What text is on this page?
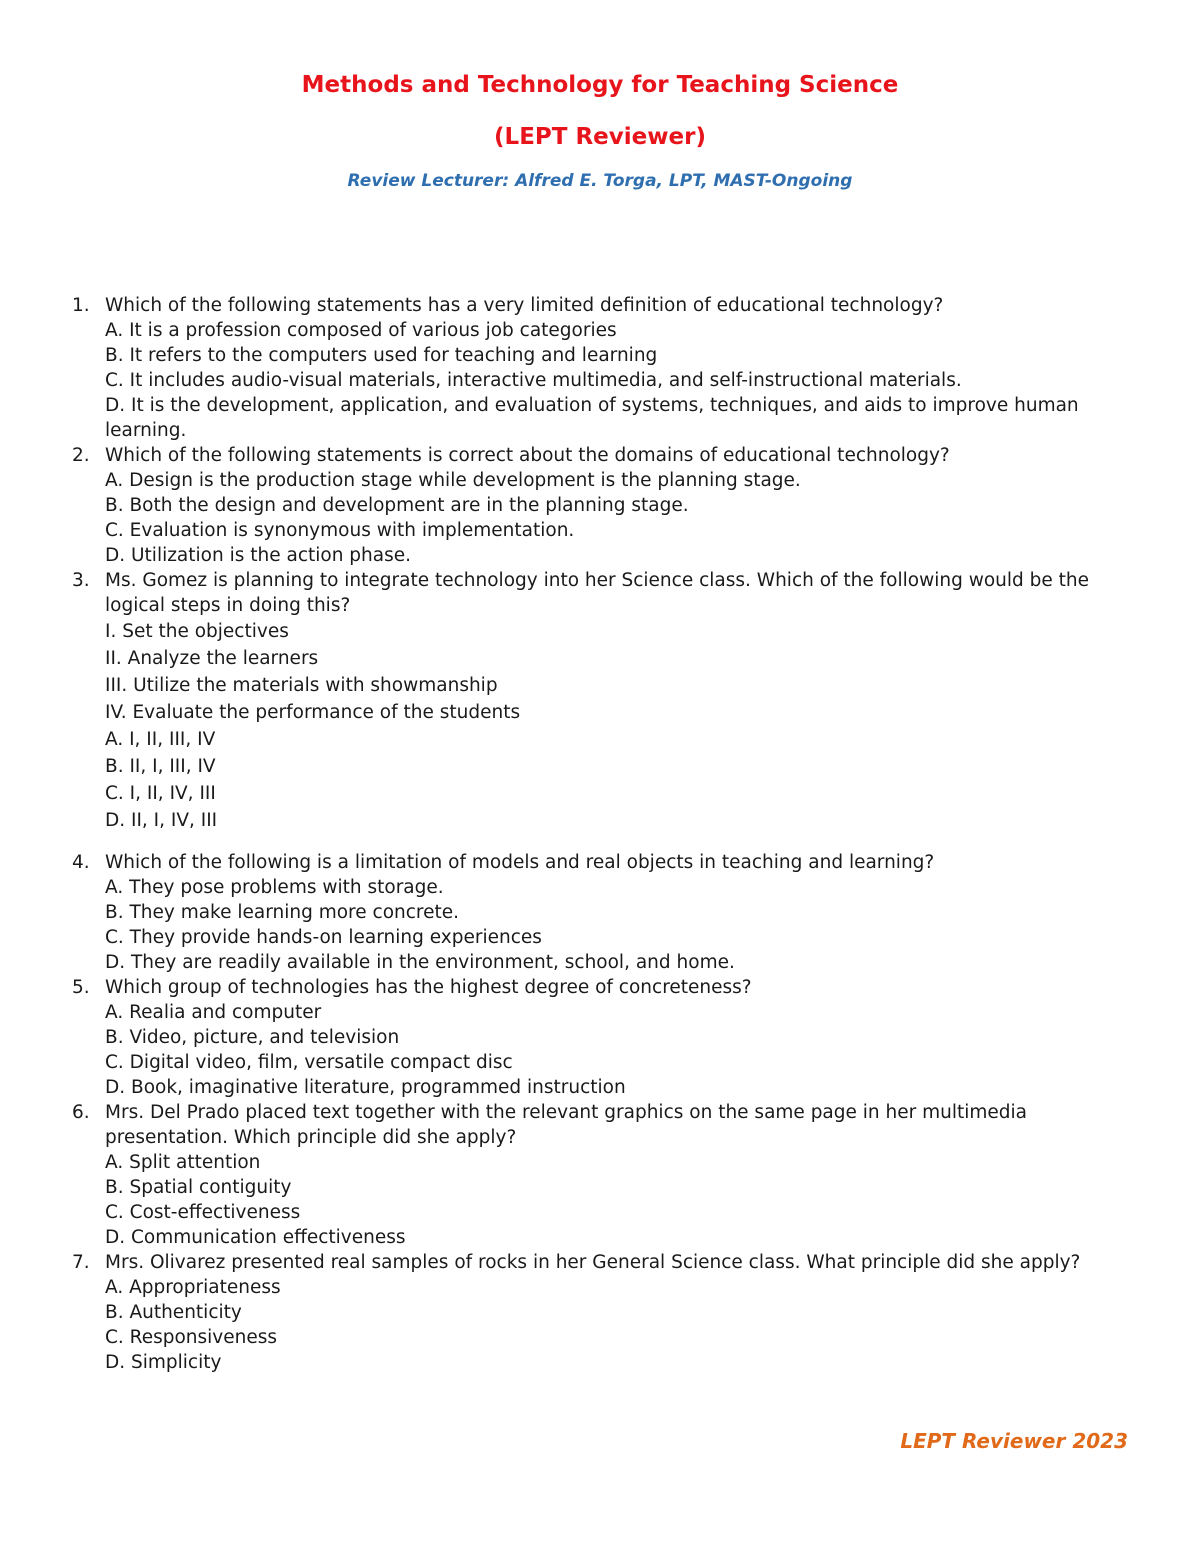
Methods and Technology for Teaching Science
(LEPT Reviewer)

Review Lecturer: Alfred E. Torga, LPT, MAST-Ongoing

1. Which of the following statements has a very limited definition of educational technology?
A. It is a profession composed of various job categories
B. It refers to the computers used for teaching and learning
C. It includes audio-visual materials, interactive multimedia, and self-instructional materials.
D. It is the development, application, and evaluation of systems, techniques, and aids to improve human learning.
2. Which of the following statements is correct about the domains of educational technology?
A. Design is the production stage while development is the planning stage.
B. Both the design and development are in the planning stage.
C. Evaluation is synonymous with implementation.
D. Utilization is the action phase.
3. Ms. Gomez is planning to integrate technology into her Science class. Which of the following would be the logical steps in doing this?
I. Set the objectives
II. Analyze the learners
III. Utilize the materials with showmanship
IV. Evaluate the performance of the students
A. I, II, III, IV
B. II, I, III, IV
C. I, II, IV, III
D. II, I, IV, III
4. Which of the following is a limitation of models and real objects in teaching and learning?
A. They pose problems with storage.
B. They make learning more concrete.
C. They provide hands-on learning experiences
D. They are readily available in the environment, school, and home.
5. Which group of technologies has the highest degree of concreteness?
A. Realia and computer
B. Video, picture, and television
C. Digital video, film, versatile compact disc
D. Book, imaginative literature, programmed instruction
6. Mrs. Del Prado placed text together with the relevant graphics on the same page in her multimedia presentation. Which principle did she apply?
A. Split attention
B. Spatial contiguity
C. Cost-effectiveness
D. Communication effectiveness
7. Mrs. Olivarez presented real samples of rocks in her General Science class. What principle did she apply?
A. Appropriateness
B. Authenticity
C. Responsiveness
D. Simplicity

LEPT Reviewer 2023
